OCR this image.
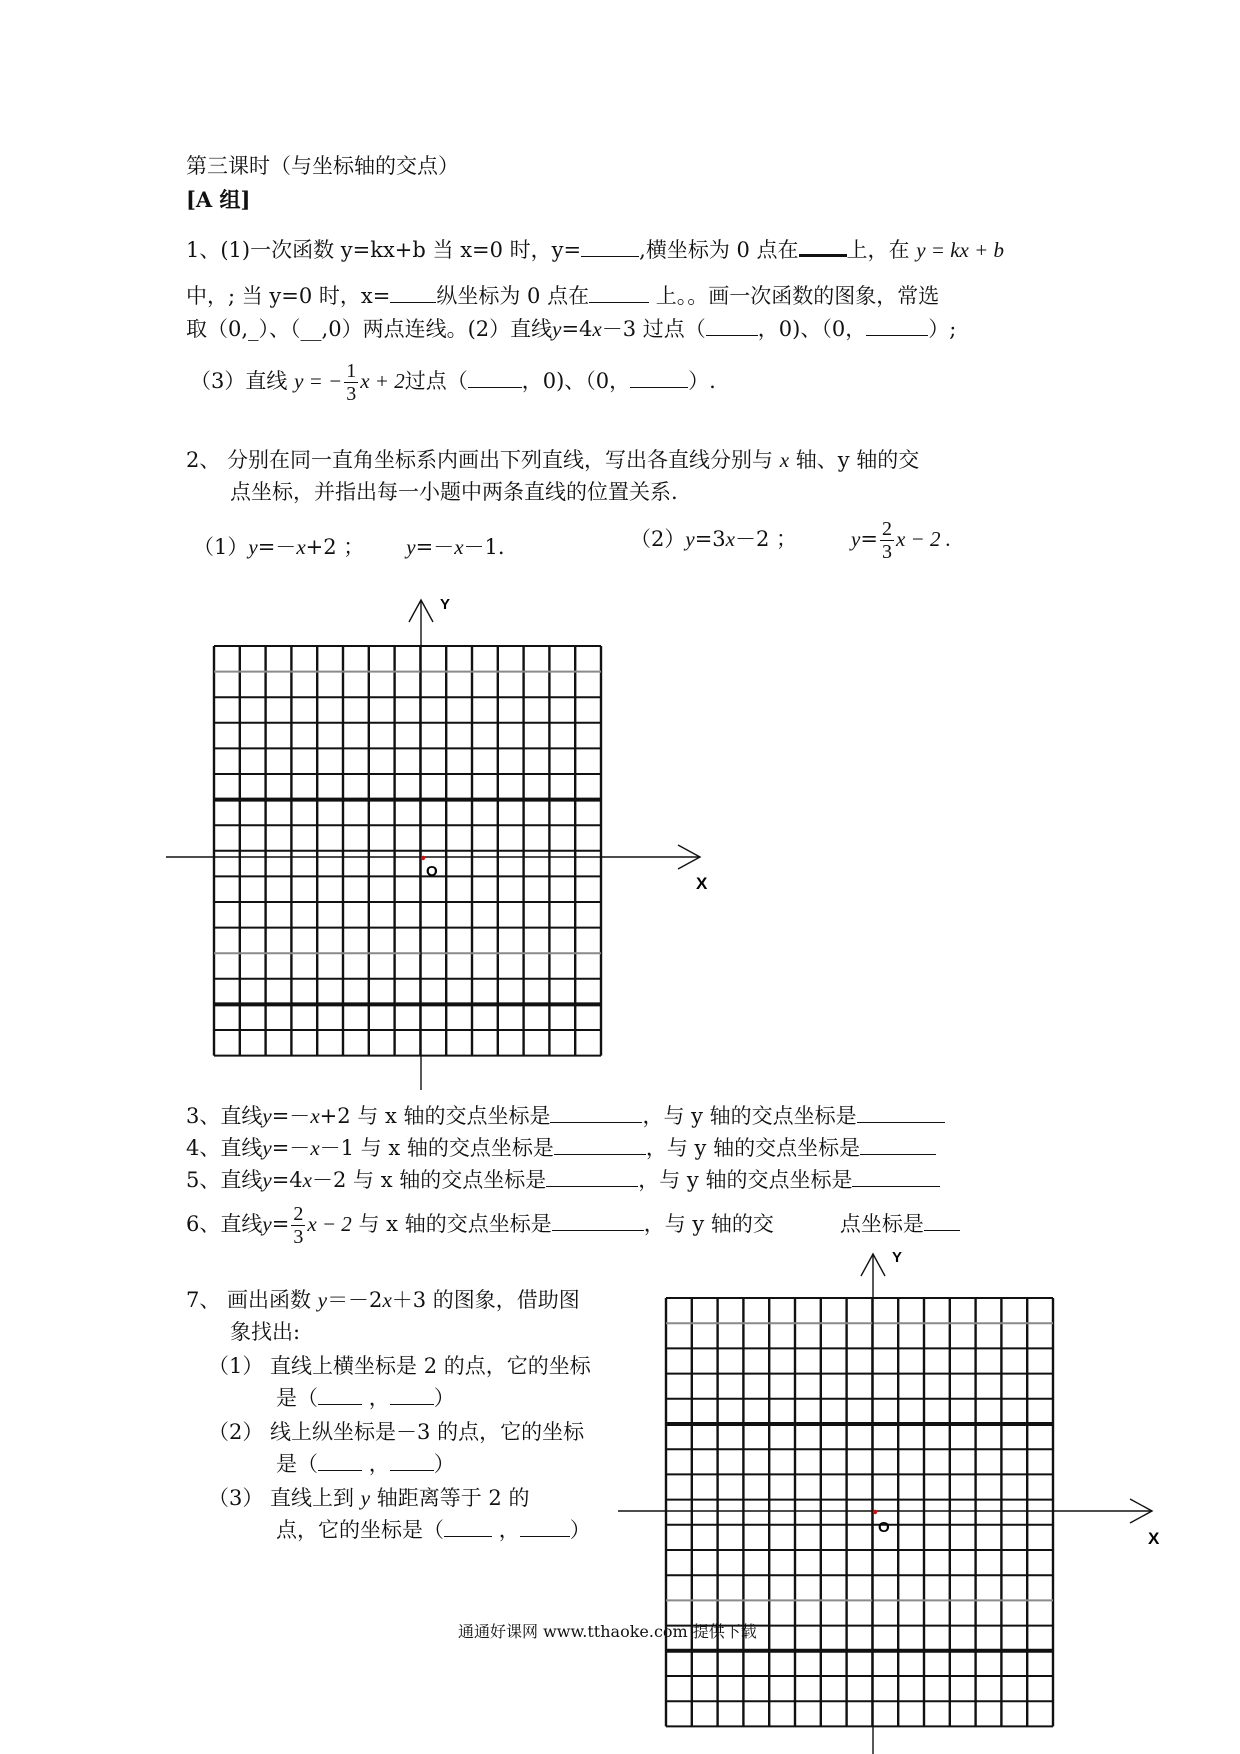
第三课时（与坐标轴的交点）
[A 组]
1、(1)一次函数 y=kx+b 当 x=0 时，y=	,横坐标为 0 点在 上，在 y = kx + b
中，; 当 y=0 时，x= 纵坐标为 0 点在	上。。画一次函数的图象，常选
取（0,_）、（__,0）两点连线。(2）直线y=4x－3 过点（ ，0)、（0，	）;
（3）直线 y = − $\frac{1}{3}$ x + 2过点（	，0)、（0，	）.
2、 分别在同一直角坐标系内画出下列直线，写出各直线分别与 x 轴、y 轴的交
点坐标，并指出每一小题中两条直线的位置关系.
（1）y=－x+2 ； y=－x－1.	（2）y=3x－2 ；	$y= \frac{2}{3}$ x − 2 .
Y
X
O
Y
X
O
3、直线y=－x+2 与 x 轴的交点坐标是	，与 y 轴的交点坐标是
4、直线y=－x－1 与 x 轴的交点坐标是	，与 y 轴的交点坐标是
5、直线y=4x－2 与 x 轴的交点坐标是	，与 y 轴的交点坐标是
6、直线$y= \frac{2}{3}$ x − 2 与 x 轴的交点坐标是	，与 y 轴的交	点坐标是
7、 画出函数 y＝－2x＋3 的图象，借助图
象找出:
（1） 直线上横坐标是 2 的点，它的坐标
是（ ， ）
（2） 线上纵坐标是－3 的点，它的坐标
是（ ， ）
（3） 直线上到 y 轴距离等于 2 的
点，它的坐标是（	， ）
通通好课网 www.tthaoke.com 提供下载
